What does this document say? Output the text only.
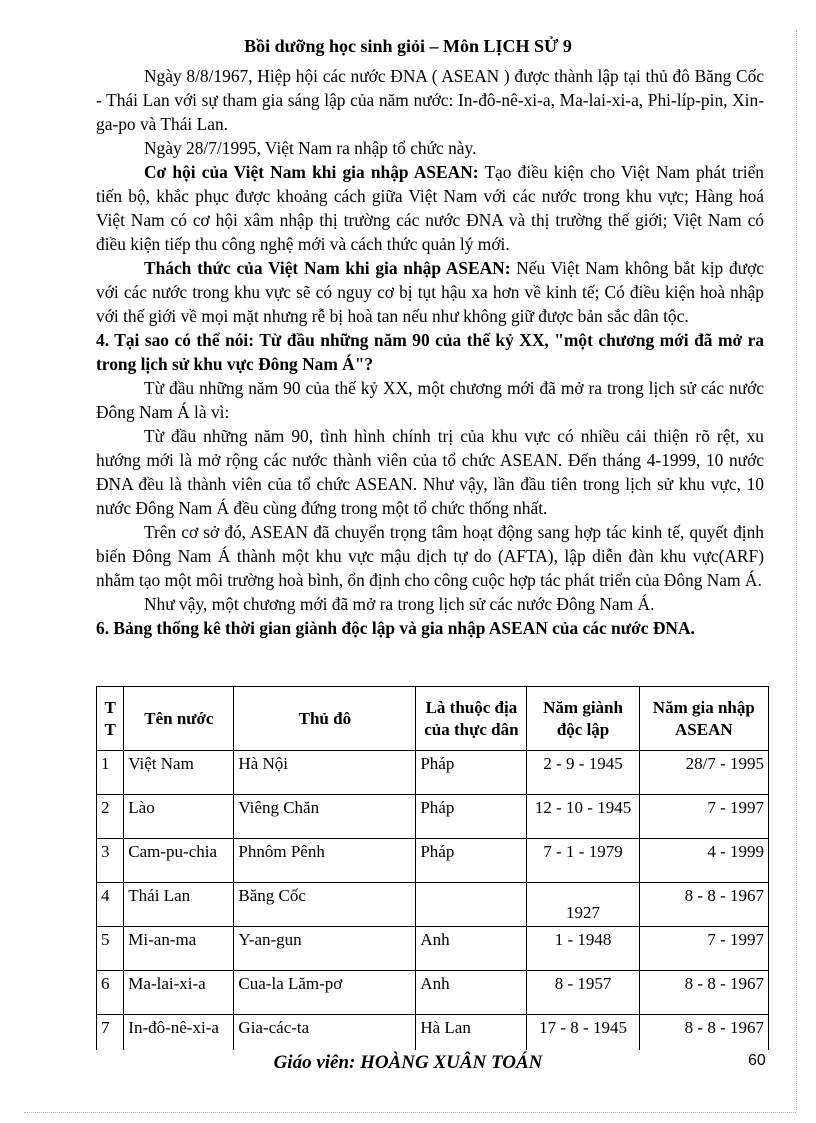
Bồi dưỡng học sinh giỏi – Môn LỊCH SỬ 9

Ngày 8/8/1967, Hiệp hội các nước ĐNA ( ASEAN ) được thành lập tại thủ đô Băng Cốc - Thái Lan với sự tham gia sáng lập của năm nước: In-đô-nê-xi-a, Ma-lai-xi-a, Phi-líp-pin, Xin-ga-po và Thái Lan.

Ngày 28/7/1995, Việt Nam ra nhập tổ chức này.

Cơ hội của Việt Nam khi gia nhập ASEAN: Tạo điều kiện cho Việt Nam phát triển tiến bộ, khắc phục được khoảng cách giữa Việt Nam với các nước trong khu vực; Hàng hoá Việt Nam có cơ hội xâm nhập thị trường các nước ĐNA và thị trường thế giới; Việt Nam có điều kiện tiếp thu công nghệ mới và cách thức quản lý mới.

Thách thức của Việt Nam khi gia nhập ASEAN: Nếu Việt Nam không bắt kịp được với các nước trong khu vực sẽ có nguy cơ bị tụt hậu xa hơn về kinh tế; Có điều kiện hoà nhập với thế giới về mọi mặt nhưng rễ bị hoà tan nếu như không giữ được bản sắc dân tộc.

4. Tại sao có thể nói: Từ đầu những năm 90 của thế kỷ XX, "một chương mới đã mở ra trong lịch sử khu vực Đông Nam Á"?

Từ đầu những năm 90 của thế kỷ XX, một chương mới đã mở ra trong lịch sử các nước Đông Nam Á là vì:

Từ đầu những năm 90, tình hình chính trị của khu vực có nhiều cải thiện rõ rệt, xu hướng mới là mở rộng các nước thành viên của tổ chức ASEAN. Đến tháng 4-1999, 10 nước ĐNA đều là thành viên của tổ chức ASEAN. Như vậy, lần đầu tiên trong lịch sử khu vực, 10 nước Đông Nam Á đều cùng đứng trong một tổ chức thống nhất.

Trên cơ sở đó, ASEAN đã chuyển trọng tâm hoạt động sang hợp tác kinh tế, quyết định biến Đông Nam Á thành một khu vực mậu dịch tự do (AFTA), lập diễn đàn khu vực(ARF) nhằm tạo một môi trường hoà bình, ổn định cho công cuộc hợp tác phát triển của Đông Nam Á.

Như vậy, một chương mới đã mở ra trong lịch sử các nước Đông Nam Á.

6. Bảng thống kê thời gian giành độc lập và gia nhập ASEAN của các nước ĐNA.

T T	Tên nước	Thủ đô	Là thuộc địa của thực dân	Năm giành độc lập	Năm gia nhập ASEAN
1	Việt Nam	Hà Nội	Pháp	2 - 9 - 1945	28/7 - 1995
2	Lào	Viêng Chăn	Pháp	12 - 10 - 1945	7 - 1997
3	Cam-pu-chia	Phnôm Pênh	Pháp	7 - 1 - 1979	4 - 1999
4	Thái Lan	Băng Cốc		1927	8 - 8 - 1967
5	Mi-an-ma	Y-an-gun	Anh	1 - 1948	7 - 1997
6	Ma-lai-xi-a	Cua-la Lăm-pơ	Anh	8 - 1957	8 - 8 - 1967
7	In-đô-nê-xi-a	Gia-các-ta	Hà Lan	17 - 8 - 1945	8 - 8 - 1967
Giáo viên: HOÀNG XUÂN TOÁN	60
